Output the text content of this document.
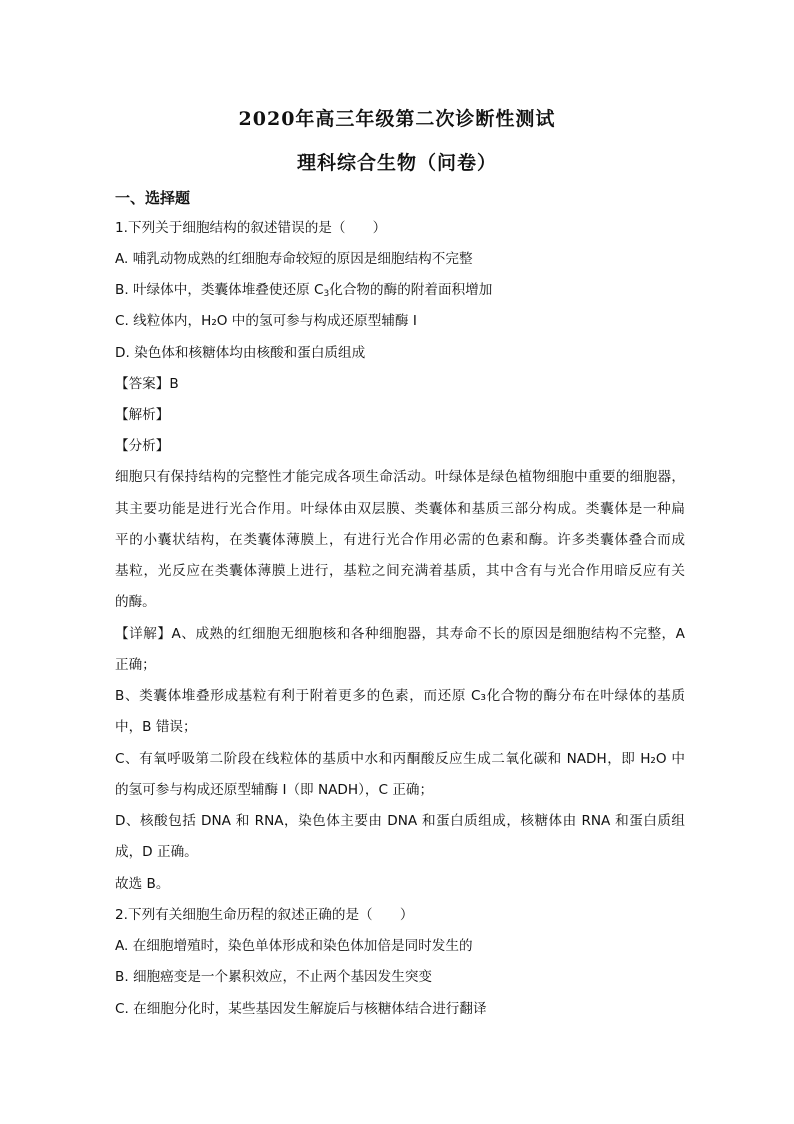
2020年高三年级第二次诊断性测试
理科综合生物（问卷）
一、选择题
1.下列关于细胞结构的叙述错误的是（　　）
A. 哺乳动物成熟的红细胞寿命较短的原因是细胞结构不完整
B. 叶绿体中，类囊体堆叠使还原 $C_3$化合物的酶的附着面积增加
C. 线粒体内，H₂O 中的氢可参与构成还原型辅酶 I
D. 染色体和核糖体均由核酸和蛋白质组成
【答案】B
【解析】
【分析】
细胞只有保持结构的完整性才能完成各项生命活动。叶绿体是绿色植物细胞中重要的细胞器，
其主要功能是进行光合作用。叶绿体由双层膜、类囊体和基质三部分构成。类囊体是一种扁
平的小囊状结构，在类囊体薄膜上，有进行光合作用必需的色素和酶。许多类囊体叠合而成
基粒，光反应在类囊体薄膜上进行，基粒之间充满着基质，其中含有与光合作用暗反应有关
的酶。
【详解】A、成熟的红细胞无细胞核和各种细胞器，其寿命不长的原因是细胞结构不完整，A
正确；
B、类囊体堆叠形成基粒有利于附着更多的色素，而还原 C₃化合物的酶分布在叶绿体的基质
中，B 错误；
C、有氧呼吸第二阶段在线粒体的基质中水和丙酮酸反应生成二氧化碳和 NADH，即 H₂O 中
的氢可参与构成还原型辅酶 I（即 NADH），C 正确；
D、核酸包括 DNA 和 RNA，染色体主要由 DNA 和蛋白质组成，核糖体由 RNA 和蛋白质组
成，D 正确。
故选 B。
2.下列有关细胞生命历程的叙述正确的是（　　）
A. 在细胞增殖时，染色单体形成和染色体加倍是同时发生的
B. 细胞癌变是一个累积效应，不止两个基因发生突变
C. 在细胞分化时，某些基因发生解旋后与核糖体结合进行翻译
